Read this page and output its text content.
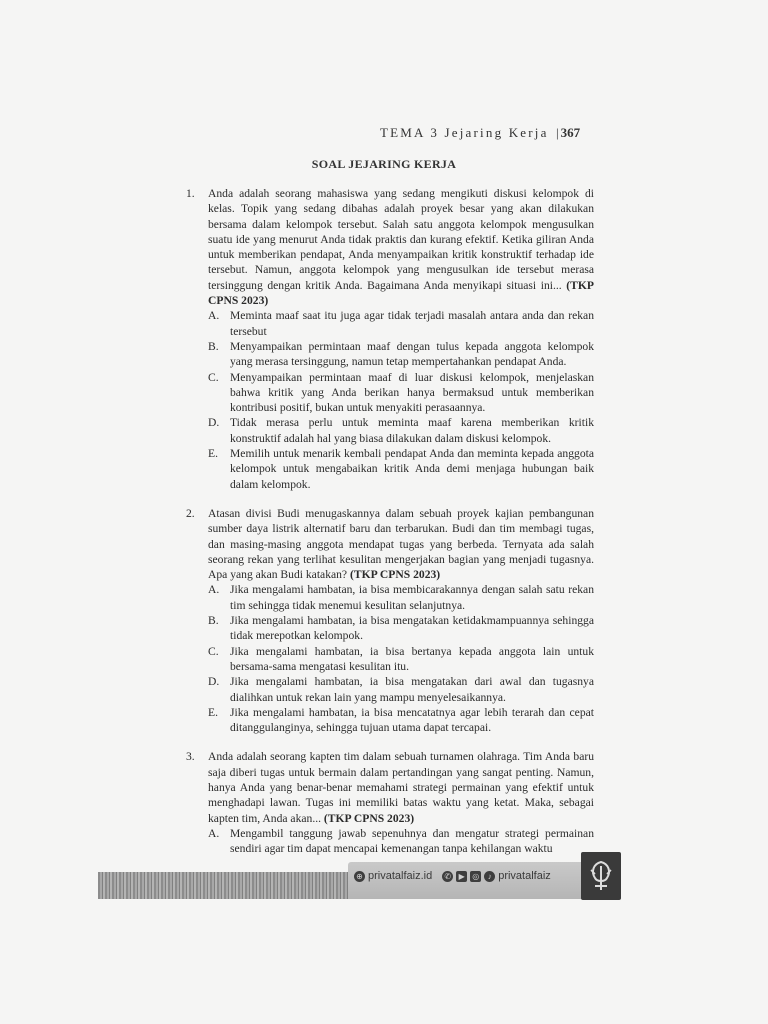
TEMA 3 Jejaring Kerja | 367
SOAL JEJARING KERJA
1. Anda adalah seorang mahasiswa yang sedang mengikuti diskusi kelompok di kelas. Topik yang sedang dibahas adalah proyek besar yang akan dilakukan bersama dalam kelompok tersebut. Salah satu anggota kelompok mengusulkan suatu ide yang menurut Anda tidak praktis dan kurang efektif. Ketika giliran Anda untuk memberikan pendapat, Anda menyampaikan kritik konstruktif terhadap ide tersebut. Namun, anggota kelompok yang mengusulkan ide tersebut merasa tersinggung dengan kritik Anda. Bagaimana Anda menyikapi situasi ini... (TKP CPNS 2023)
A. Meminta maaf saat itu juga agar tidak terjadi masalah antara anda dan rekan tersebut
B. Menyampaikan permintaan maaf dengan tulus kepada anggota kelompok yang merasa tersinggung, namun tetap mempertahankan pendapat Anda.
C. Menyampaikan permintaan maaf di luar diskusi kelompok, menjelaskan bahwa kritik yang Anda berikan hanya bermaksud untuk memberikan kontribusi positif, bukan untuk menyakiti perasaannya.
D. Tidak merasa perlu untuk meminta maaf karena memberikan kritik konstruktif adalah hal yang biasa dilakukan dalam diskusi kelompok.
E. Memilih untuk menarik kembali pendapat Anda dan meminta kepada anggota kelompok untuk mengabaikan kritik Anda demi menjaga hubungan baik dalam kelompok.
2. Atasan divisi Budi menugaskannya dalam sebuah proyek kajian pembangunan sumber daya listrik alternatif baru dan terbarukan. Budi dan tim membagi tugas, dan masing-masing anggota mendapat tugas yang berbeda. Ternyata ada salah seorang rekan yang terlihat kesulitan mengerjakan bagian yang menjadi tugasnya. Apa yang akan Budi katakan? (TKP CPNS 2023)
A. Jika mengalami hambatan, ia bisa membicarakannya dengan salah satu rekan tim sehingga tidak menemui kesulitan selanjutnya.
B. Jika mengalami hambatan, ia bisa mengatakan ketidakmampuannya sehingga tidak merepotkan kelompok.
C. Jika mengalami hambatan, ia bisa bertanya kepada anggota lain untuk bersama-sama mengatasi kesulitan itu.
D. Jika mengalami hambatan, ia bisa mengatakan dari awal dan tugasnya dialihkan untuk rekan lain yang mampu menyelesaikannya.
E. Jika mengalami hambatan, ia bisa mencatatnya agar lebih terarah dan cepat ditanggulanginya, sehingga tujuan utama dapat tercapai.
3. Anda adalah seorang kapten tim dalam sebuah turnamen olahraga. Tim Anda baru saja diberi tugas untuk bermain dalam pertandingan yang sangat penting. Namun, hanya Anda yang benar-benar memahami strategi permainan yang efektif untuk menghadapi lawan. Tugas ini memiliki batas waktu yang ketat. Maka, sebagai kapten tim, Anda akan... (TKP CPNS 2023)
A. Mengambil tanggung jawab sepenuhnya dan mengatur strategi permainan sendiri agar tim dapat mencapai kemenangan tanpa kehilangan waktu
⊕ privatalfaiz.id ✆ ▶ ◎	♪ privatalfaiz
